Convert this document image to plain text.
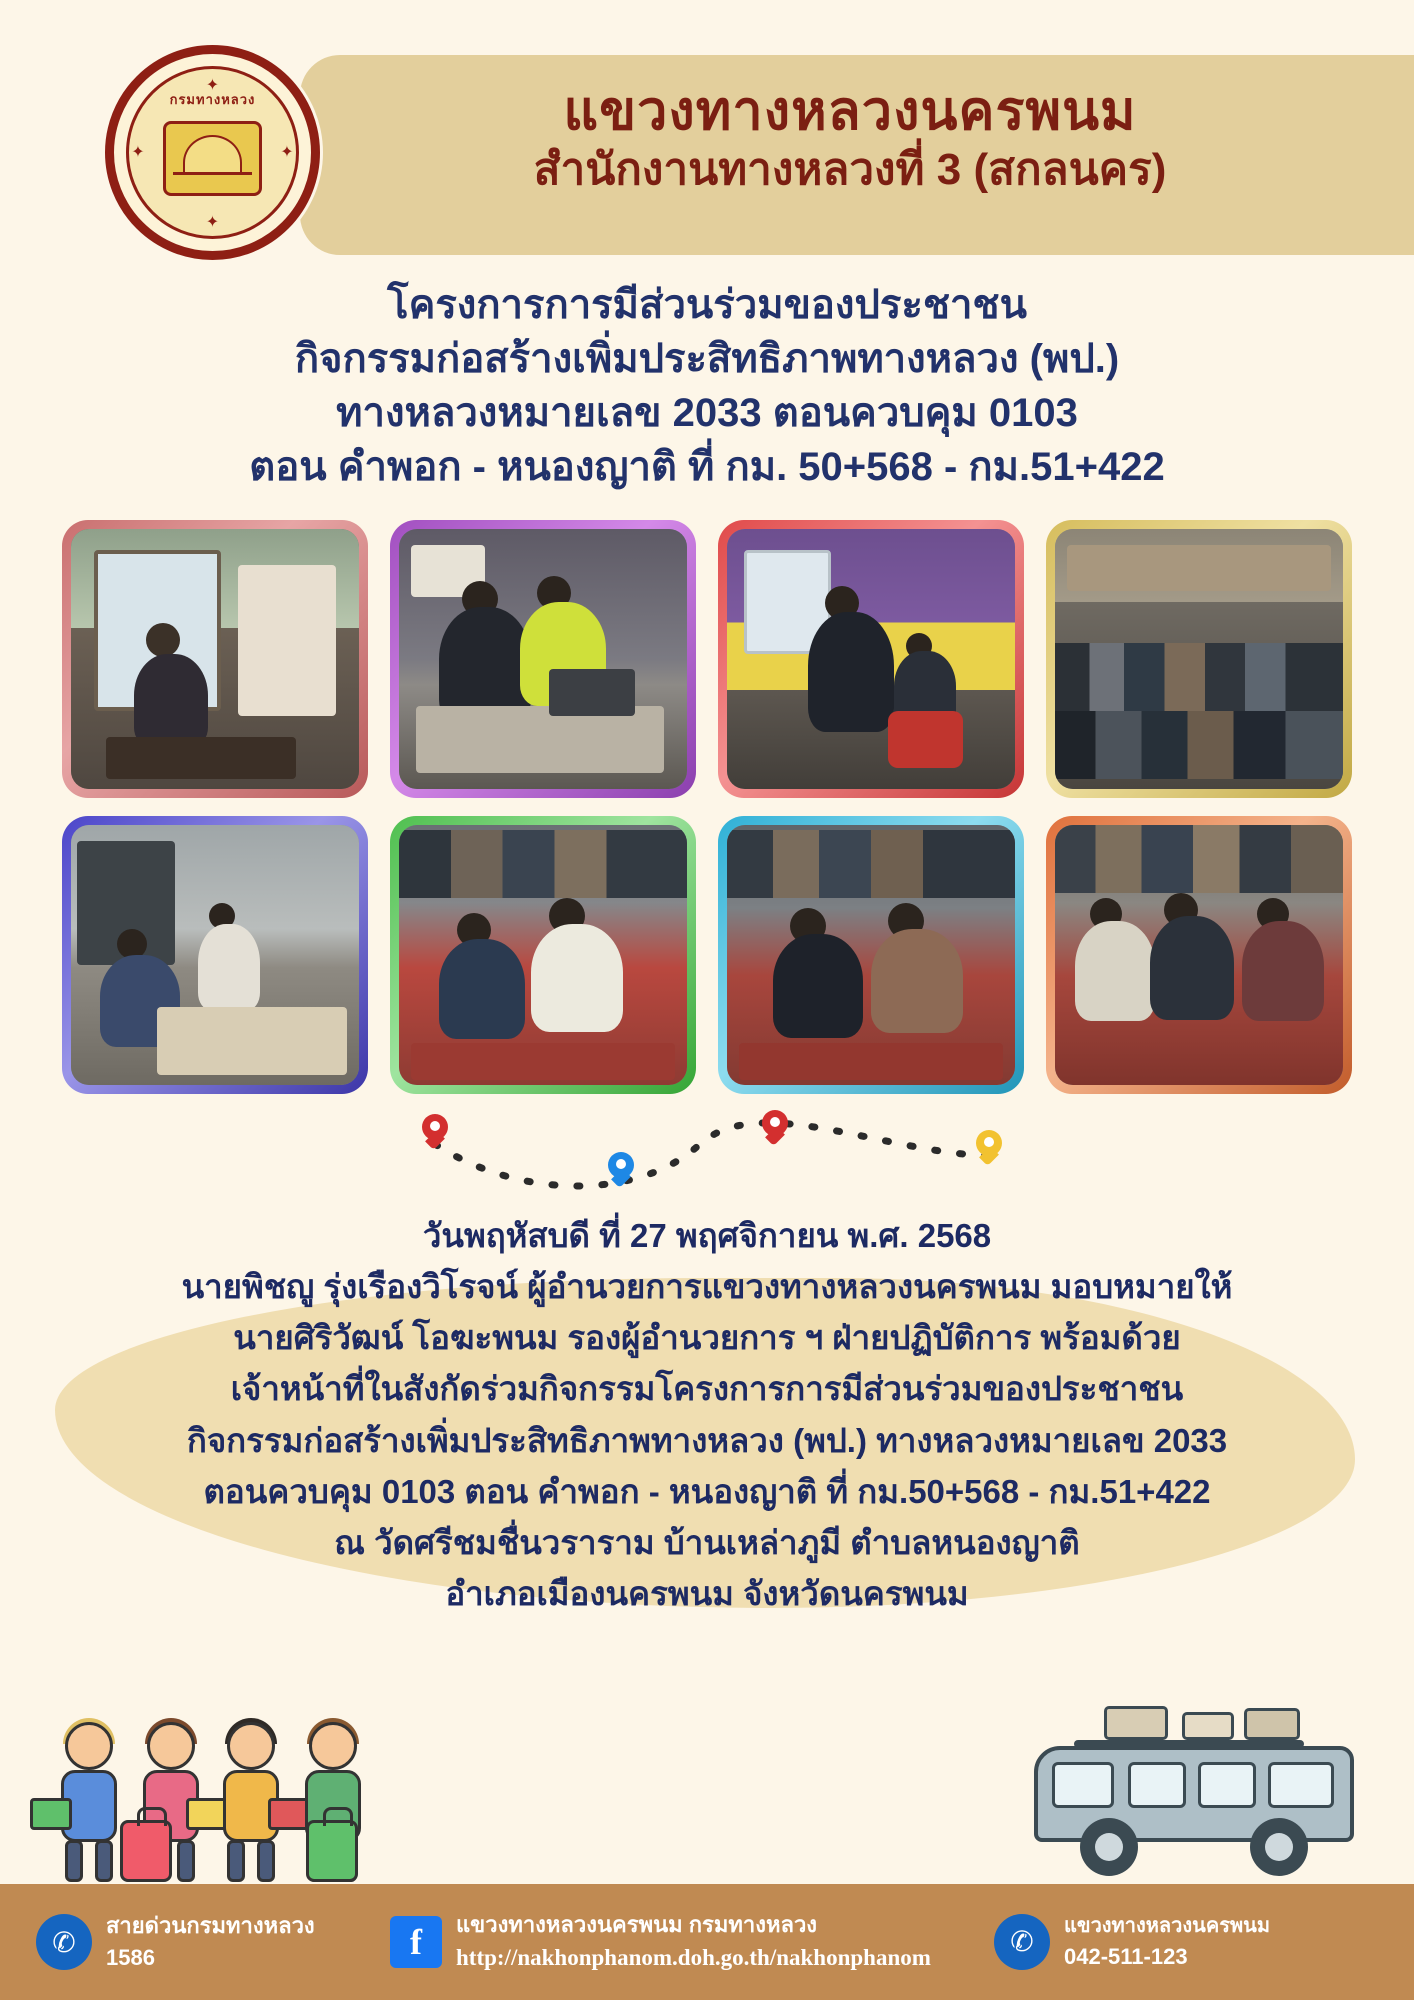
กรมทางหลวง
✦
✦	✦
✦
แขวงทางหลวงนครพนม
สำนักงานทางหลวงที่ 3 (สกลนคร)
โครงการการมีส่วนร่วมของประชาชน
กิจกรรมก่อสร้างเพิ่มประสิทธิภาพทางหลวง (พป.)
ทางหลวงหมายเลข 2033 ตอนควบคุม 0103
ตอน คำพอก - หนองญาติ ที่ กม. 50+568 - กม.51+422
วันพฤหัสบดี ที่ 27 พฤศจิกายน พ.ศ. 2568
นายพิชญู รุ่งเรืองวิโรจน์ ผู้อำนวยการแขวงทางหลวงนครพนม มอบหมายให้
นายศิริวัฒน์ โอฆะพนม รองผู้อำนวยการ ฯ ฝ่ายปฏิบัติการ พร้อมด้วย
เจ้าหน้าที่ในสังกัดร่วมกิจกรรมโครงการการมีส่วนร่วมของประชาชน
กิจกรรมก่อสร้างเพิ่มประสิทธิภาพทางหลวง (พป.) ทางหลวงหมายเลข 2033
ตอนควบคุม 0103 ตอน คำพอก - หนองญาติ ที่ กม.50+568 - กม.51+422
ณ วัดศรีชมชื่นวราราม บ้านเหล่าภูมี ตำบลหนองญาติ
อำเภอเมืองนครพนม จังหวัดนครพนม
✆
สายด่วนกรมทางหลวง
1586	f	แขวงทางหลวงนครพนม กรมทางหลวง
http://nakhonphanom.doh.go.th/nakhonphanom
✆
แขวงทางหลวงนครพนม
042-511-123
